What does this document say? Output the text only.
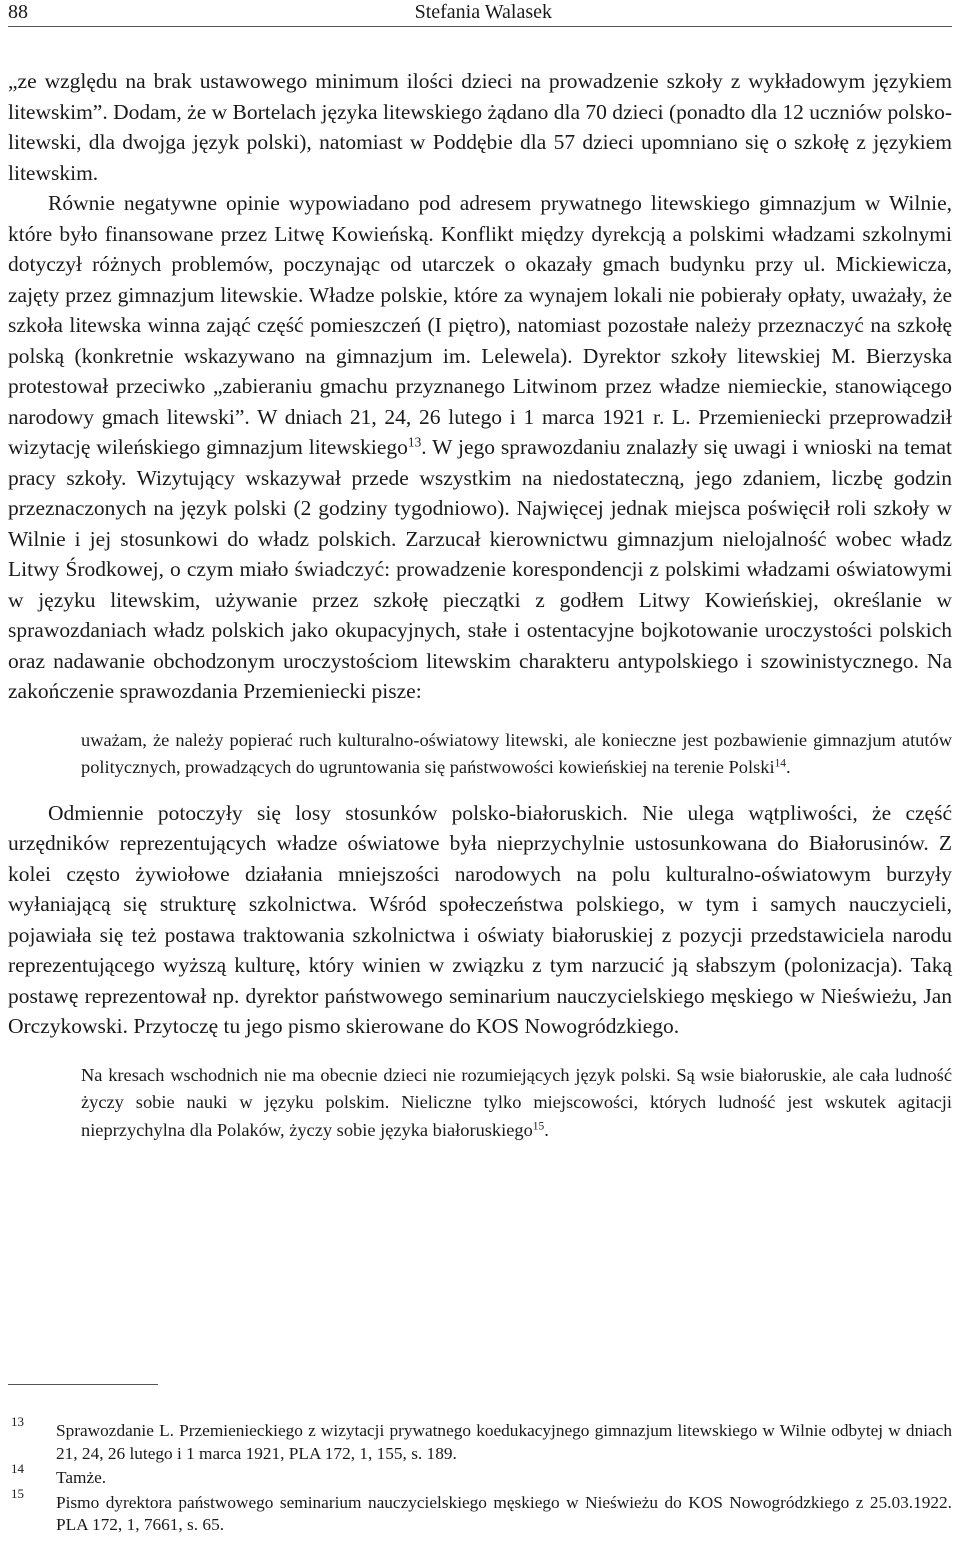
88	Stefania Walasek

„ze względu na brak ustawowego minimum ilości dzieci na prowadzenie szkoły z wykładowym językiem litewskim”. Dodam, że w Bortelach języka litewskiego żądano dla 70 dzieci (ponadto dla 12 uczniów polsko-litewski, dla dwojga język polski), natomiast w Poddębie dla 57 dzieci upomniano się o szkołę z językiem litewskim.

Równie negatywne opinie wypowiadano pod adresem prywatnego litewskiego gimnazjum w Wilnie, które było finansowane przez Litwę Kowieńską. Konflikt między dyrekcją a polskimi władzami szkolnymi dotyczył różnych problemów, poczynając od utarczek o okazały gmach budynku przy ul. Mickiewicza, zajęty przez gimnazjum litewskie. Władze polskie, które za wynajem lokali nie pobierały opłaty, uważały, że szkoła litewska winna zająć część pomieszczeń (I piętro), natomiast pozostałe należy przeznaczyć na szkołę polską (konkretnie wskazywano na gimnazjum im. Lelewela). Dyrektor szkoły litewskiej M. Bierzyska protestował przeciwko „zabieraniu gmachu przyznanego Litwinom przez władze niemieckie, stanowiącego narodowy gmach litewski”. W dniach 21, 24, 26 lutego i 1 marca 1921 r. L. Przemieniecki przeprowadził wizytację wileńskiego gimnazjum litewskiego$^{13}$. W jego sprawozdaniu znalazły się uwagi i wnioski na temat pracy szkoły. Wizytujący wskazywał przede wszystkim na niedostateczną, jego zdaniem, liczbę godzin przeznaczonych na język polski (2 godziny tygodniowo). Najwięcej jednak miejsca poświęcił roli szkoły w Wilnie i jej stosunkowi do władz polskich. Zarzucał kierownictwu gimnazjum nielojalność wobec władz Litwy Środkowej, o czym miało świadczyć: prowadzenie korespondencji z polskimi władzami oświatowymi w języku litewskim, używanie przez szkołę pieczątki z godłem Litwy Kowieńskiej, określanie w sprawozdaniach władz polskich jako okupacyjnych, stałe i ostentacyjne bojkotowanie uroczystości polskich oraz nadawanie obchodzonym uroczystościom litewskim charakteru antypolskiego i szowinistycznego. Na zakończenie sprawozdania Przemieniecki pisze:

uważam, że należy popierać ruch kulturalno-oświatowy litewski, ale konieczne jest pozbawienie gimnazjum atutów politycznych, prowadzących do ugruntowania się państwowości kowieńskiej na terenie Polski$^{14}$.

Odmiennie potoczyły się losy stosunków polsko-białoruskich. Nie ulega wątpliwości, że część urzędników reprezentujących władze oświatowe była nieprzychylnie ustosunkowana do Białorusinów. Z kolei często żywiołowe działania mniejszości narodowych na polu kulturalno-oświatowym burzyły wyłaniającą się strukturę szkolnictwa. Wśród społeczeństwa polskiego, w tym i samych nauczycieli, pojawiała się też postawa traktowania szkolnictwa i oświaty białoruskiej z pozycji przedstawiciela narodu reprezentującego wyższą kulturę, który winien w związku z tym narzucić ją słabszym (polonizacja). Taką postawę reprezentował np. dyrektor państwowego seminarium nauczycielskiego męskiego w Nieświeżu, Jan Orczykowski. Przytoczę tu jego pismo skierowane do KOS Nowogródzkiego.

Na kresach wschodnich nie ma obecnie dzieci nie rozumiejących język polski. Są wsie białoruskie, ale cała ludność życzy sobie nauki w języku polskim. Nieliczne tylko miejscowości, których ludność jest wskutek agitacji nieprzychylna dla Polaków, życzy sobie języka białoruskiego$^{15}$.

13 Sprawozdanie L. Przemienieckiego z wizytacji prywatnego koedukacyjnego gimnazjum litewskiego w Wilnie odbytej w dniach 21, 24, 26 lutego i 1 marca 1921, PLA 172, 1, 155, s. 189.
14 Tamże.
15 Pismo dyrektora państwowego seminarium nauczycielskiego męskiego w Nieświeżu do KOS Nowogródzkiego z 25.03.1922. PLA 172, 1, 7661, s. 65.
